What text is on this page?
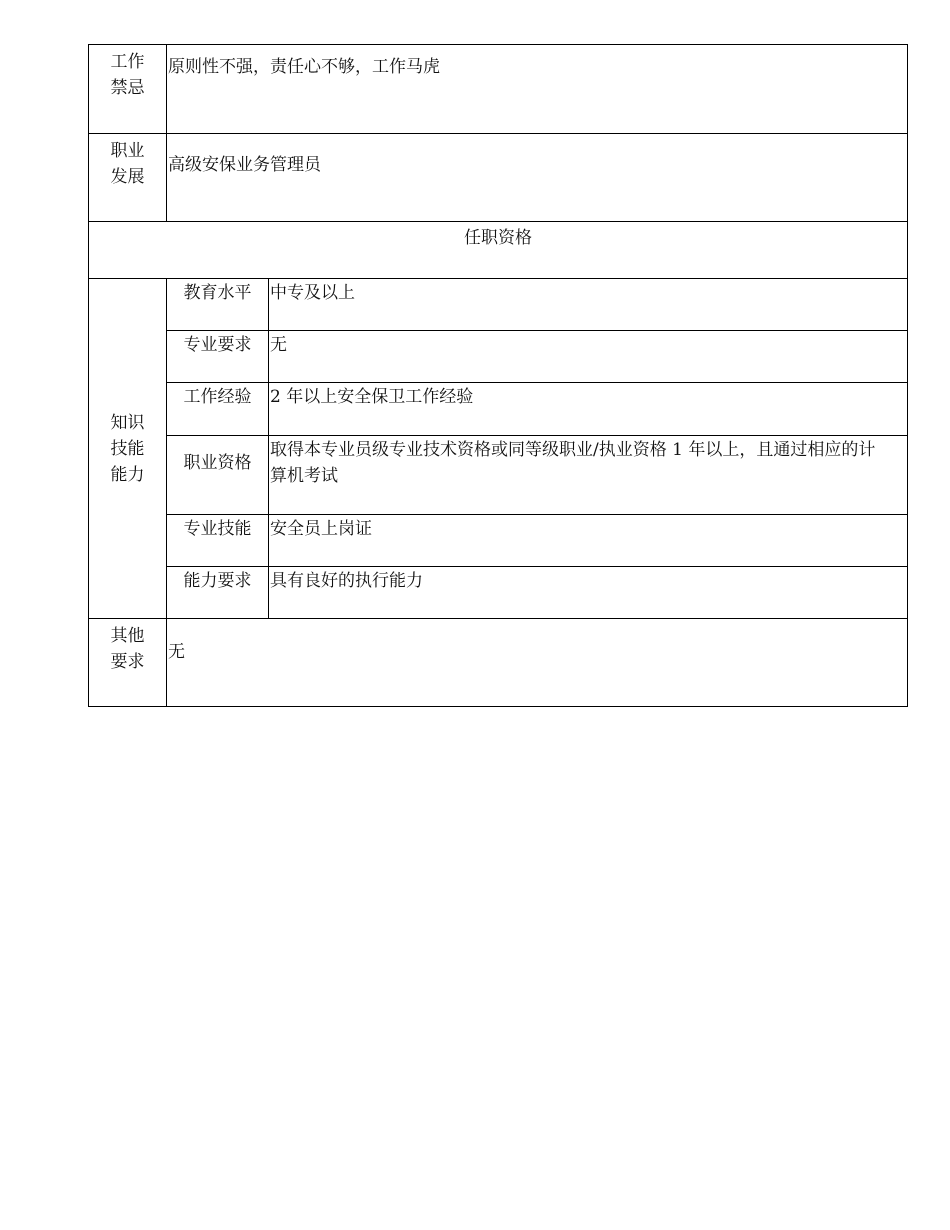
工作禁忌	原则性不强，责任心不够，工作马虎	

职业发展	高级安保业务管理员	
任职资格		

知识技能能力	教育水平	中专及以上
	专业要求	无
	工作经验	2 年以上安全保卫工作经验
	职业资格	取得本专业员级专业技术资格或同等级职业/执业资格 1 年以上，且通过相应的计算机考试
	专业技能	安全员上岗证
	能力要求	具有良好的执行能力

其他要求	无	
